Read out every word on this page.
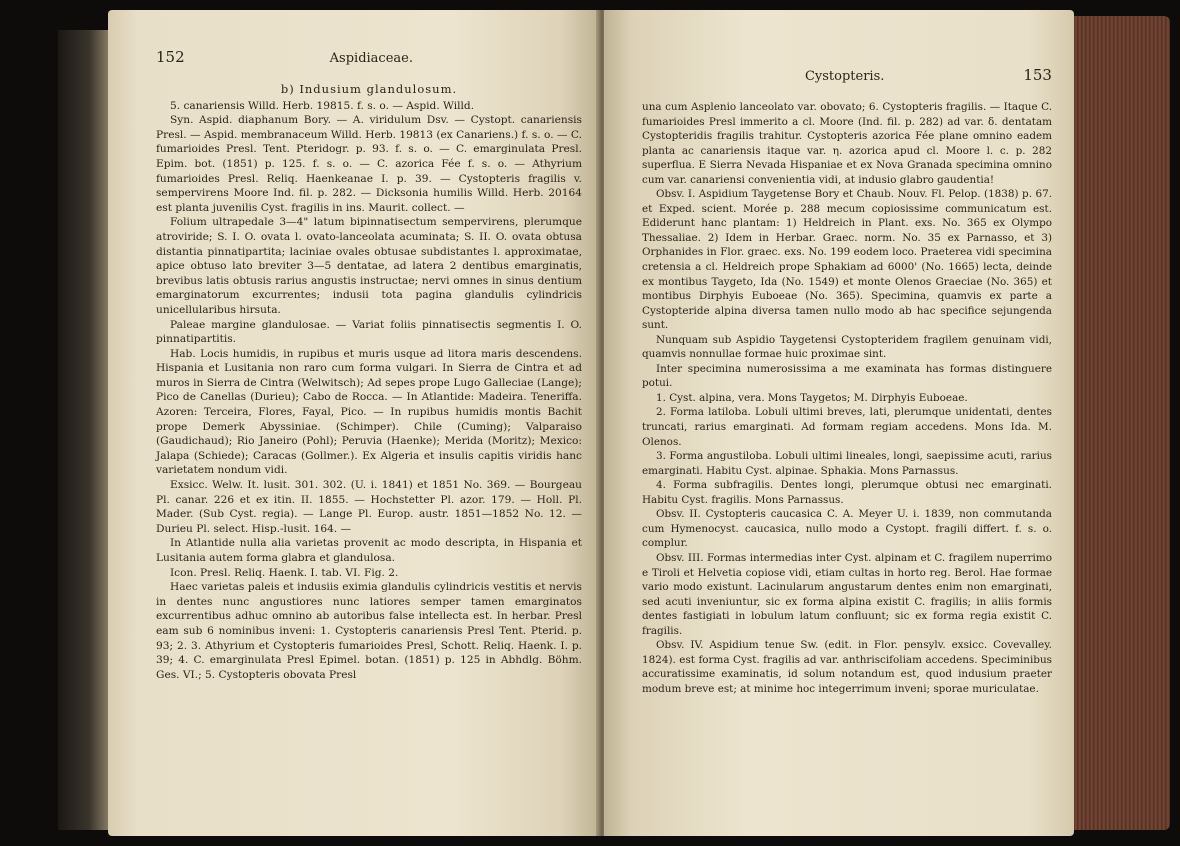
152	Aspidiaceae.

b) Indusium glandulosum.

5. canariensis Willd. Herb. 19815. f. s. o. — Aspid. Willd.

Syn. Aspid. diaphanum Bory. — A. viridulum Dsv. — Cystopt. canariensis Presl. — Aspid. membranaceum Willd. Herb. 19813 (ex Canariens.) f. s. o. — C. fumarioides Presl. Tent. Pteridogr. p. 93. f. s. o. — C. emarginulata Presl. Epim. bot. (1851) p. 125. f. s. o. — C. azorica Fée f. s. o. — Athyrium fumarioides Presl. Reliq. Haenkeanae I. p. 39. — Cystopteris fragilis v. sempervirens Moore Ind. fil. p. 282. — Dicksonia humilis Willd. Herb. 20164 est planta juvenilis Cyst. fragilis in ins. Maurit. collect. —

Folium ultrapedale 3—4" latum bipinnatisectum sempervirens, plerumque atroviride; S. I. O. ovata l. ovato-lanceolata acuminata; S. II. O. ovata obtusa distantia pinnatipartita; laciniae ovales obtusae subdistantes l. approximatae, apice obtuso lato breviter 3—5 dentatae, ad latera 2 dentibus emarginatis, brevibus latis obtusis rarius angustis instructae; nervi omnes in sinus dentium emarginatorum excurrentes; indusii tota pagina glandulis cylindricis unicellularibus hirsuta.

Paleae margine glandulosae. — Variat foliis pinnatisectis segmentis I. O. pinnatipartitis.

Hab. Locis humidis, in rupibus et muris usque ad litora maris descendens. Hispania et Lusitania non raro cum forma vulgari. In Sierra de Cintra et ad muros in Sierra de Cintra (Welwitsch); Ad sepes prope Lugo Galleciae (Lange); Pico de Canellas (Durieu); Cabo de Rocca. — In Atlantide: Madeira. Teneriffa. Azoren: Terceira, Flores, Fayal, Pico. — In rupibus humidis montis Bachit prope Demerk Abyssiniae. (Schimper). Chile (Cuming); Valparaiso (Gaudichaud); Rio Janeiro (Pohl); Peruvia (Haenke); Merida (Moritz); Mexico: Jalapa (Schiede); Caracas (Gollmer.). Ex Algeria et insulis capitis viridis hanc varietatem nondum vidi.

Exsicc. Welw. It. lusit. 301. 302. (U. i. 1841) et 1851 No. 369. — Bourgeau Pl. canar. 226 et ex itin. II. 1855. — Hochstetter Pl. azor. 179. — Holl. Pl. Mader. (Sub Cyst. regia). — Lange Pl. Europ. austr. 1851—1852 No. 12. — Durieu Pl. select. Hisp.-lusit. 164. —

In Atlantide nulla alia varietas provenit ac modo descripta, in Hispania et Lusitania autem forma glabra et glandulosa.

Icon. Presl. Reliq. Haenk. I. tab. VI. Fig. 2.

Haec varietas paleis et indusiis eximia glandulis cylindricis vestitis et nervis in dentes nunc angustiores nunc latiores semper tamen emarginatos excurrentibus adhuc omnino ab autoribus false intellecta est. In herbar. Presl eam sub 6 nominibus inveni: 1. Cystopteris canariensis Presl Tent. Pterid. p. 93; 2. 3. Athyrium et Cystopteris fumarioides Presl, Schott. Reliq. Haenk. I. p. 39; 4. C. emarginulata Presl Epimel. botan. (1851) p. 125 in Abhdlg. Böhm. Ges. VI.; 5. Cystopteris obovata Presl

Cystopteris.	153

una cum Asplenio lanceolato var. obovato; 6. Cystopteris fragilis. — Itaque C. fumarioides Presl immerito a cl. Moore (Ind. fil. p. 282) ad var. δ. dentatam Cystopteridis fragilis trahitur. Cystopteris azorica Fée plane omnino eadem planta ac canariensis itaque var. η. azorica apud cl. Moore l. c. p. 282 superflua. E Sierra Nevada Hispaniae et ex Nova Granada specimina omnino cum var. canariensi convenientia vidi, at indusio glabro gaudentia!

Obsv. I. Aspidium Taygetense Bory et Chaub. Nouv. Fl. Pelop. (1838) p. 67. et Exped. scient. Morée p. 288 mecum copiosissime communicatum est. Ediderunt hanc plantam: 1) Heldreich in Plant. exs. No. 365 ex Olympo Thessaliae. 2) Idem in Herbar. Graec. norm. No. 35 ex Parnasso, et 3) Orphanides in Flor. graec. exs. No. 199 eodem loco. Praeterea vidi specimina cretensia a cl. Heldreich prope Sphakiam ad 6000' (No. 1665) lecta, deinde ex montibus Taygeto, Ida (No. 1549) et monte Olenos Graeciae (No. 365) et montibus Dirphyis Euboeae (No. 365). Specimina, quamvis ex parte a Cystopteride alpina diversa tamen nullo modo ab hac specifice sejungenda sunt.

Nunquam sub Aspidio Taygetensi Cystopteridem fragilem genuinam vidi, quamvis nonnullae formae huic proximae sint.

Inter specimina numerosissima a me examinata has formas distinguere potui.

1. Cyst. alpina, vera. Mons Taygetos; M. Dirphyis Euboeae.

2. Forma latiloba. Lobuli ultimi breves, lati, plerumque unidentati, dentes truncati, rarius emarginati. Ad formam regiam accedens. Mons Ida. M. Olenos.

3. Forma angustiloba. Lobuli ultimi lineales, longi, saepissime acuti, rarius emarginati. Habitu Cyst. alpinae. Sphakia. Mons Parnassus.

4. Forma subfragilis. Dentes longi, plerumque obtusi nec emarginati. Habitu Cyst. fragilis. Mons Parnassus.

Obsv. II. Cystopteris caucasica C. A. Meyer U. i. 1839, non commutanda cum Hymenocyst. caucasica, nullo modo a Cystopt. fragili differt. f. s. o. complur.

Obsv. III. Formas intermedias inter Cyst. alpinam et C. fragilem nuperrimo e Tiroli et Helvetia copiose vidi, etiam cultas in horto reg. Berol. Hae formae vario modo existunt. Lacinularum angustarum dentes enim non emarginati, sed acuti inveniuntur, sic ex forma alpina existit C. fragilis; in aliis formis dentes fastigiati in lobulum latum confluunt; sic ex forma regia existit C. fragilis.

Obsv. IV. Aspidium tenue Sw. (edit. in Flor. pensylv. exsicc. Covevalley. 1824). est forma Cyst. fragilis ad var. anthriscifoliam accedens. Speciminibus accuratissime examinatis, id solum notandum est, quod indusium praeter modum breve est; at minime hoc integerrimum inveni; sporae muriculatae.
